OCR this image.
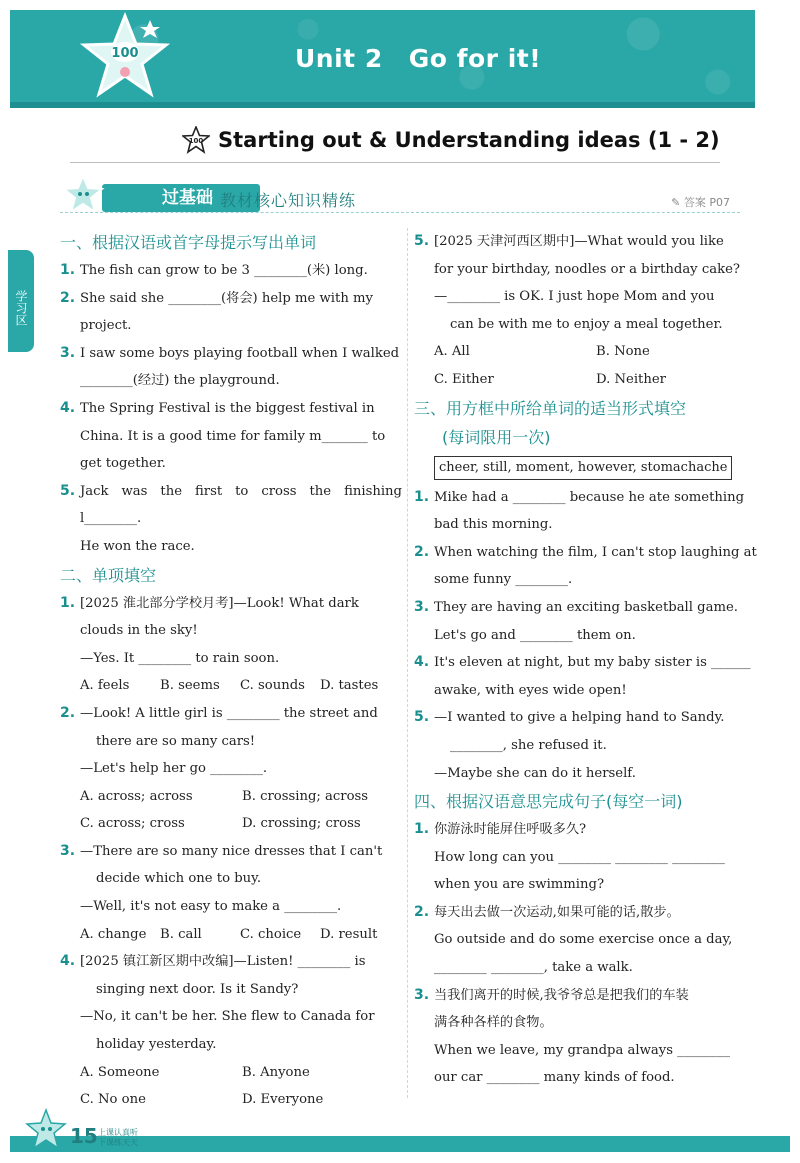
100	Unit 2 Go for it!
100 Starting out & Understanding ideas (1 - 2)
过基础 教材核心知识精练	✎ 答案 P07
学习区
一、根据汉语或首字母提示写出单词
1. The fish can grow to be 3 ________(米) long.
2. She said she ________(将会) help me with my
project.
3. I saw some boys playing football when I walked
________(经过) the playground.
4. The Spring Festival is the biggest festival in
China. It is a good time for family m_______ to
get together.
5. Jack was the first to cross the finishing l________.
He won the race.
二、单项填空
1. [2025 淮北部分学校月考]—Look! What dark
clouds in the sky!
—Yes. It ________ to rain soon.
A. feels	B. seems	C. sounds	D. tastes
2. —Look! A little girl is ________ the street and
there are so many cars!
—Let's help her go ________.
A. across; across	B. crossing; across
C. across; cross	D. crossing; cross
3. —There are so many nice dresses that I can't
decide which one to buy.
—Well, it's not easy to make a ________.
A. change	B. call	C. choice	D. result
4. [2025 镇江新区期中改编]—Listen! ________ is
singing next door. Is it Sandy?
—No, it can't be her. She flew to Canada for
holiday yesterday.
A. Someone	B. Anyone
C. No one	D. Everyone
5. [2025 天津河西区期中]—What would you like
for your birthday, noodles or a birthday cake?
—________ is OK. I just hope Mom and you
can be with me to enjoy a meal together.
A. All	B. None
C. Either	D. Neither
三、用方框中所给单词的适当形式填空
(每词限用一次)
cheer, still, moment, however, stomachache
1. Mike had a ________ because he ate something
bad this morning.
2. When watching the film, I can't stop laughing at
some funny ________.
3. They are having an exciting basketball game.
Let's go and ________ them on.
4. It's eleven at night, but my baby sister is ______
awake, with eyes wide open!
5. —I wanted to give a helping hand to Sandy.
________, she refused it.
—Maybe she can do it herself.
四、根据汉语意思完成句子(每空一词)
1. 你游泳时能屏住呼吸多久?
How long can you ________ ________ ________
when you are swimming?
2. 每天出去做一次运动,如果可能的话,散步。
Go outside and do some exercise once a day,
________ ________, take a walk.
3. 当我们离开的时候,我爷爷总是把我们的车装
满各种各样的食物。
When we leave, my grandpa always ________
our car ________ many kinds of food.
15 上课认真听
下课练天天
